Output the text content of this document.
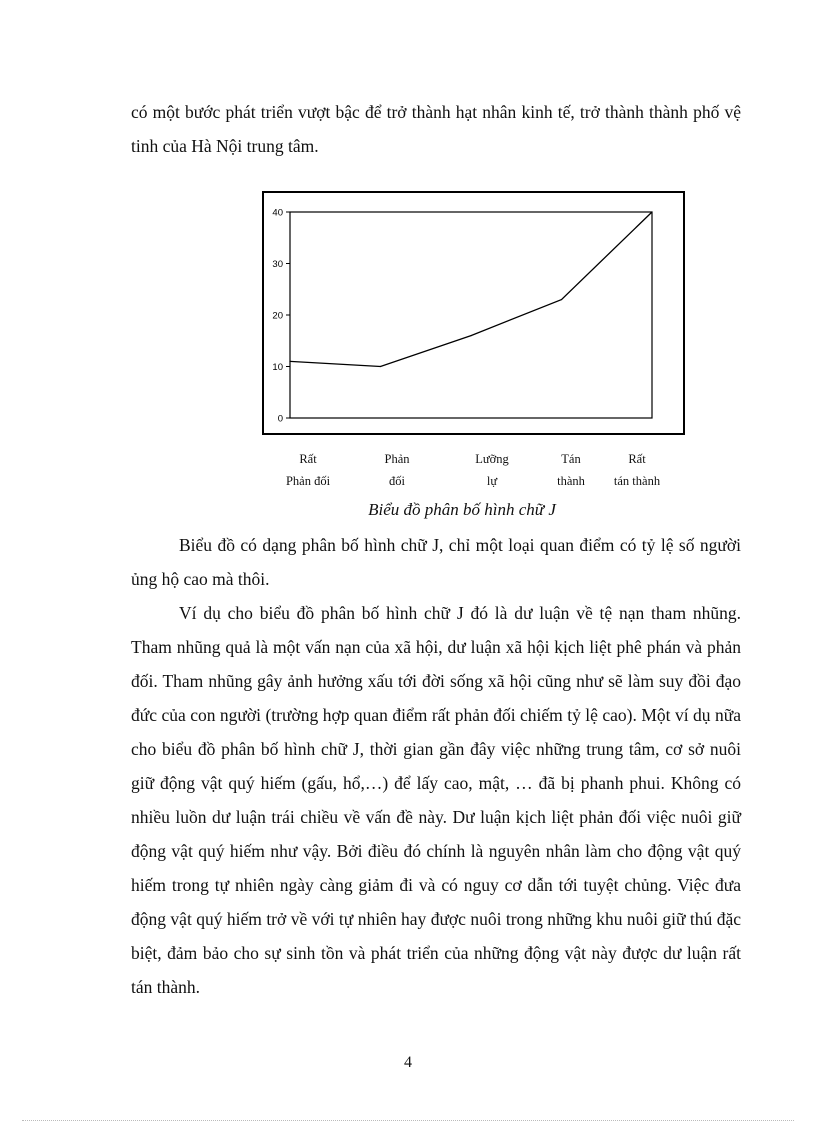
có một bước phát triển vượt bậc để trở thành hạt nhân kinh tế, trở thành thành phố vệ tinh của Hà Nội trung tâm.

0
10
20
30
40
Rất
Phản đối
Phản
đối
Lưỡng
lự
Tán
thành
Rất
tán thành
Biểu đồ phân bố hình chữ J

Biểu đồ có dạng phân bố hình chữ J, chỉ một loại quan điểm có tỷ lệ số người ủng hộ cao mà thôi.

Ví dụ cho biểu đồ phân bố hình chữ J đó là dư luận về tệ nạn tham nhũng. Tham nhũng quả là một vấn nạn của xã hội, dư luận xã hội kịch liệt phê phán và phản đối. Tham nhũng gây ảnh hưởng xấu tới đời sống xã hội cũng như sẽ làm suy đồi đạo đức của con người (trường hợp quan điểm rất phản đối chiếm tỷ lệ cao). Một ví dụ nữa cho biểu đồ phân bố hình chữ J, thời gian gần đây việc những trung tâm, cơ sở nuôi giữ động vật quý hiếm (gấu, hổ,…) để lấy cao, mật, … đã bị phanh phui. Không có nhiều luồn dư luận trái chiều về vấn đề này. Dư luận kịch liệt phản đối việc nuôi giữ động vật quý hiếm như vậy. Bởi điều đó chính là nguyên nhân làm cho động vật quý hiếm trong tự nhiên ngày càng giảm đi và có nguy cơ dẫn tới tuyệt chủng. Việc đưa động vật quý hiếm trở về với tự nhiên hay được nuôi trong những khu nuôi giữ thú đặc biệt, đảm bảo cho sự sinh tồn và phát triển của những động vật này được dư luận rất tán thành.

4
